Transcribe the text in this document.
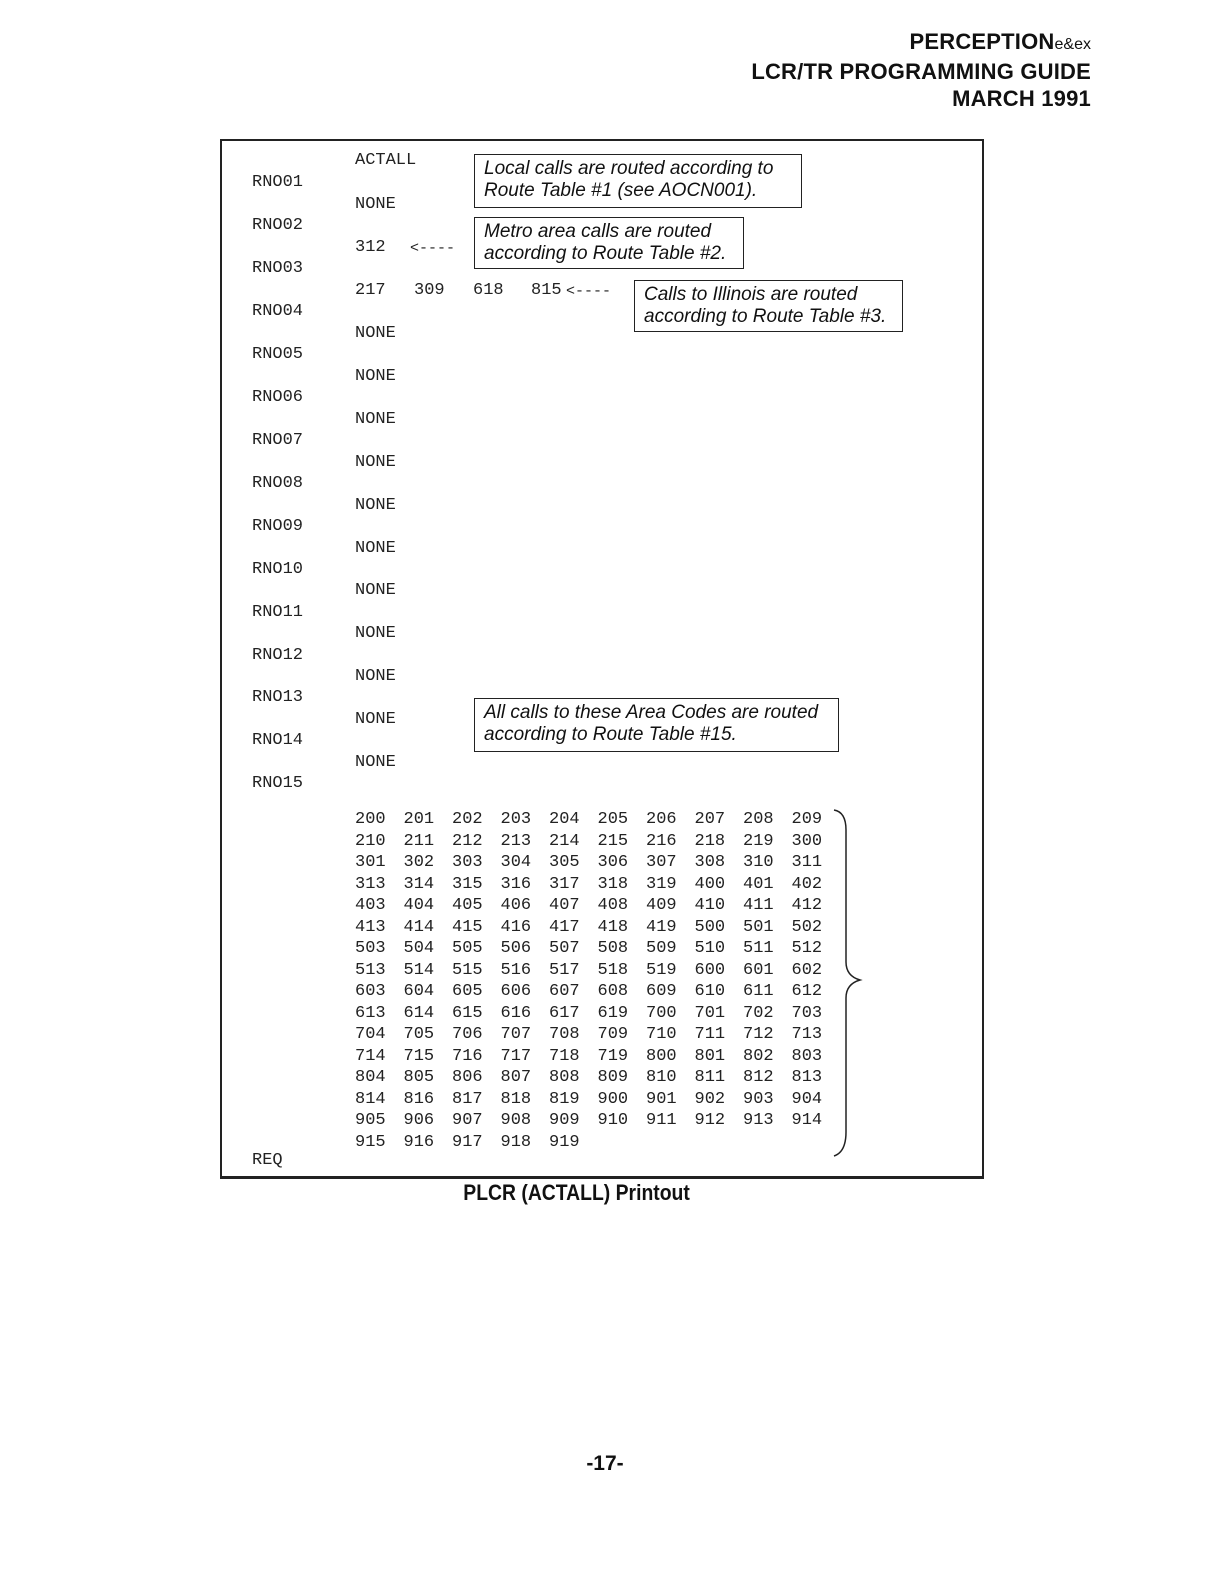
PERCEPTIONe&ex
LCR/TR PROGRAMMING GUIDE
MARCH 1991
ACTALL
RNO01
RNO02
RNO03
RNO04
RNO05
RNO06
RNO07
RNO08
RNO09
RNO10
RNO11
RNO12
RNO13
RNO14
RNO15
NONE
312
217 309 618 815
NONE
NONE
NONE
NONE
NONE
NONE
NONE
NONE
NONE
NONE
NONE
<----
<----
Local calls are routed according to
Route Table #1 (see AOCN001).
Metro area calls are routed
according to Route Table #2.
Calls to Illinois are routed
according to Route Table #3.
All calls to these Area Codes are routed
according to Route Table #15.
200 201 202 203 204 205 206 207 208 209
210 211 212 213 214 215 216 218 219 300
301 302 303 304 305 306 307 308 310 311
313 314 315 316 317 318 319 400 401 402
403 404 405 406 407 408 409 410 411 412
413 414 415 416 417 418 419 500 501 502
503 504 505 506 507 508 509 510 511 512
513 514 515 516 517 518 519 600 601 602
603 604 605 606 607 608 609 610 611 612
613 614 615 616 617 619 700 701 702 703
704 705 706 707 708 709 710 711 712 713
714 715 716 717 718 719 800 801 802 803
804 805 806 807 808 809 810 811 812 813
814 816 817 818 819 900 901 902 903 904
905 906 907 908 909 910 911 912 913 914
915 916 917 918 919
REQ
PLCR (ACTALL) Printout
-17-
